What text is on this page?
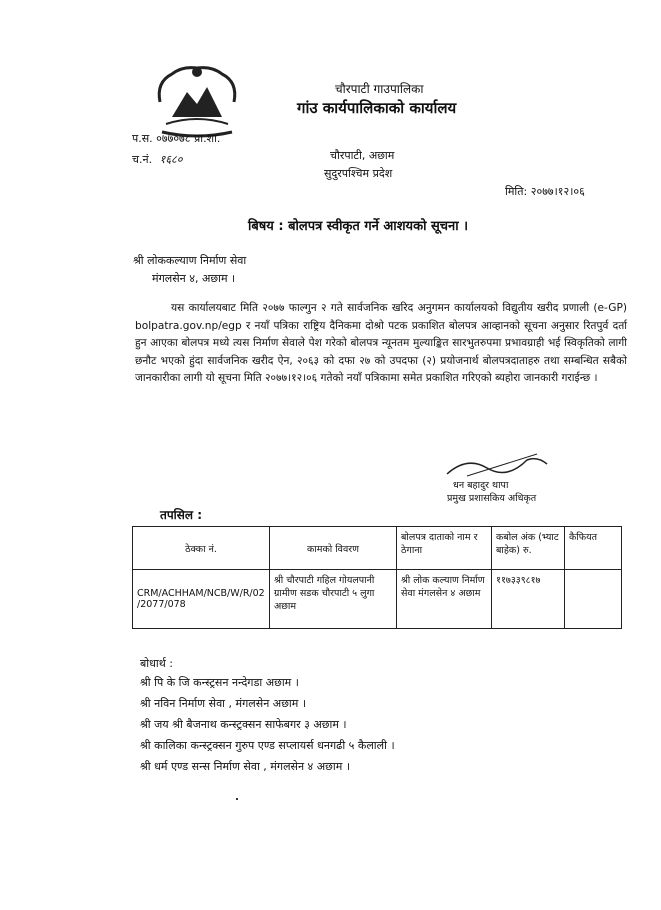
चौरपाटी गाउपालिका
गांउ कार्यपालिकाको कार्यालय
प.स. ०७७०७८ प्रा.शा.
च.नं. १६८०	चौरपाटी, अछाम
सुदुरपश्चिम प्रदेश
मिति: २०७७।१२।०६
बिषय : बोलपत्र स्वीकृत गर्ने आशयको सूचना ।
श्री लोककल्याण निर्माण सेवा
मंगलसेन ४, अछाम ।

यस कार्यालयबाट मिति २०७७ फाल्गुन २ गते सार्वजनिक खरिद अनुगमन कार्यालयको विद्युतीय खरीद प्रणाली (e-GP) bolpatra.gov.np/egp र नयाँ पत्रिका राष्ट्रिय दैनिकमा दोश्रो पटक प्रकाशित बोलपत्र आव्हानको सूचना अनुसार रितपुर्व दर्ता हुन आएका बोलपत्र मध्ये त्यस निर्माण सेवाले पेश गरेको बोलपत्र न्यूनतम मुल्याङ्कित सारभुतरुपमा प्रभावग्राही भई स्विकृतिको लागी छनौट भएको हुंदा सार्वजनिक खरीद ऐन, २०६३ को दफा २७ को उपदफा (२) प्रयोजनार्थ बोलपत्रदाताहरु तथा सम्बन्धित सबैको जानकारीका लागी यो सूचना मिति २०७७।१२।०६ गतेको नयाँ पत्रिकामा समेत प्रकाशित गरिएको ब्यहोरा जानकारी गराईन्छ ।

धन बहादुर थापा
प्रमुख प्रशासकिय अधिकृत
तपसिल :
ठेक्का नं.	कामको विवरण	बोलपत्र दाताको नाम र ठेगाना	कबोल अंक (भ्याट बाहेक) रु.	कैफियत
CRM/ACHHAM/NCB/W/R/02 /2077/078	श्री चौरपाटी गहिल गोयलपानी ग्रामीण सडक चौरपाटी ५ लुगा अछाम	श्री लोक कल्याण निर्माण सेवा मंगलसेन ४ अछाम	११७३३९८१७	
बोधार्थ :
श्री पि के जि कन्स्ट्रसन नन्देगडा अछाम ।
श्री नविन निर्माण सेवा , मंगलसेन अछाम ।
श्री जय श्री बैजनाथ कन्स्ट्रक्सन साफेबगर ३ अछाम ।
श्री कालिका कन्स्ट्रक्सन गुरुप एण्ड सप्लायर्स धनगढी ५ कैलाली ।
श्री धर्म एण्ड सन्स निर्माण सेवा , मंगलसेन ४ अछाम ।
